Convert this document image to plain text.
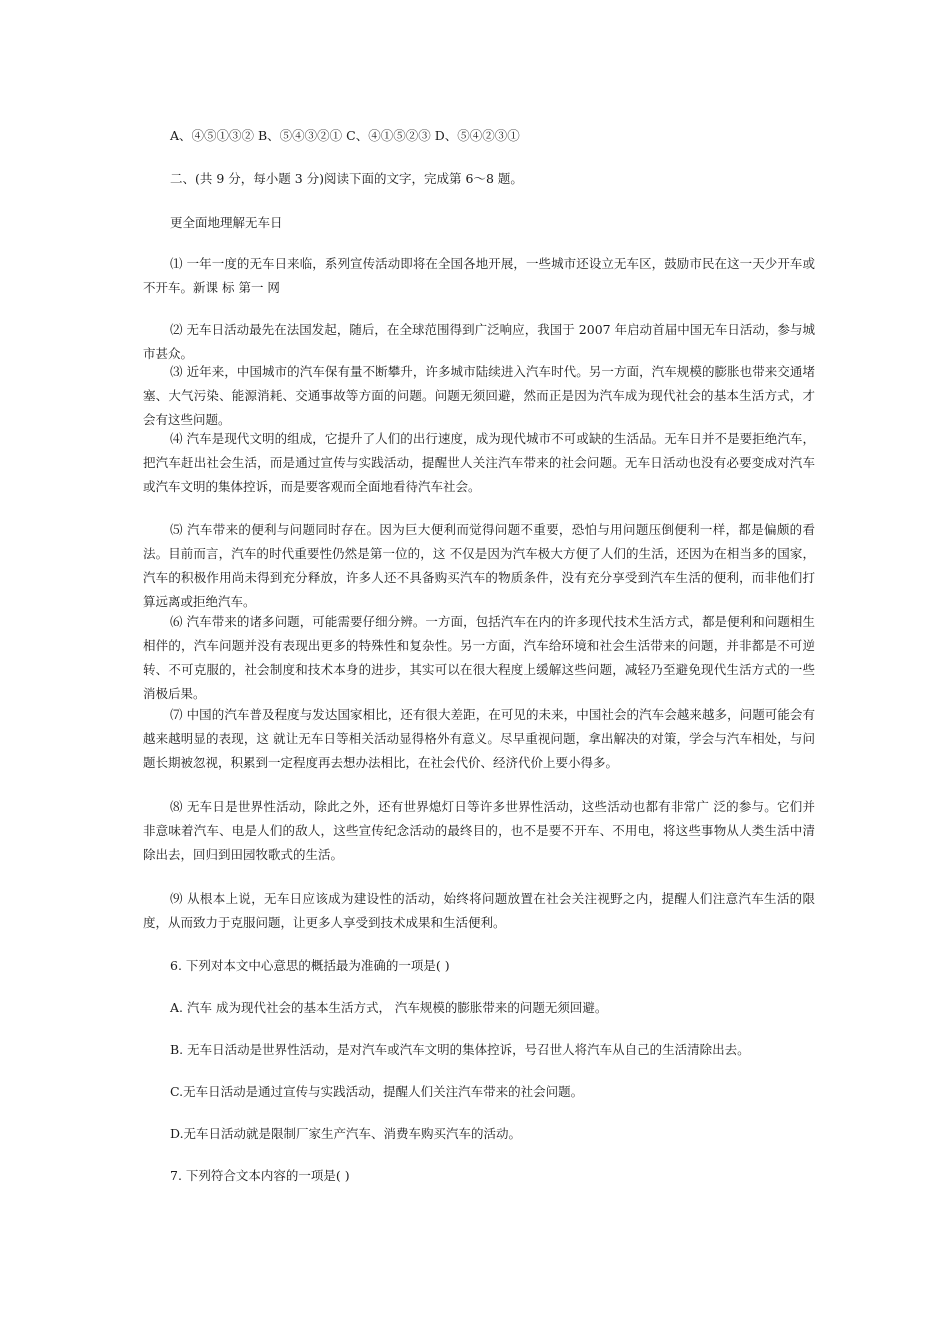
A、④⑤①③② B、⑤④③②① C、④①⑤②③ D、⑤④②③①
二、(共 9 分，每小题 3 分)阅读下面的文字，完成第 6～8 题。
更全面地理解无车日
⑴ 一年一度的无车日来临，系列宣传活动即将在全国各地开展，一些城市还设立无车区，鼓励市民在这一天少开车或不开车。新课 标 第一 网
⑵ 无车日活动最先在法国发起，随后，在全球范围得到广泛响应，我国于 2007 年启动首届中国无车日活动，参与城市甚众。
⑶ 近年来，中国城市的汽车保有量不断攀升，许多城市陆续进入汽车时代。另一方面，汽车规模的膨胀也带来交通堵塞、大气污染、能源消耗、交通事故等方面的问题。问题无须回避，然而正是因为汽车成为现代社会的基本生活方式，才会有这些问题。
⑷ 汽车是现代文明的组成，它提升了人们的出行速度，成为现代城市不可或缺的生活品。无车日并不是要拒绝汽车，把汽车赶出社会生活，而是通过宣传与实践活动，提醒世人关注汽车带来的社会问题。无车日活动也没有必要变成对汽车或汽车文明的集体控诉，而是要客观而全面地看待汽车社会。
⑸ 汽车带来的便利与问题同时存在。因为巨大便利而觉得问题不重要，恐怕与用问题压倒便利一样，都是偏颇的看法。目前而言，汽车的时代重要性仍然是第一位的，这 不仅是因为汽车极大方便了人们的生活，还因为在相当多的国家，汽车的积极作用尚未得到充分释放，许多人还不具备购买汽车的物质条件，没有充分享受到汽车生活的便利，而非他们打算远离或拒绝汽车。
⑹ 汽车带来的诸多问题，可能需要仔细分辨。一方面，包括汽车在内的许多现代技术生活方式，都是便利和问题相生相伴的，汽车问题并没有表现出更多的特殊性和复杂性。另一方面，汽车给环境和社会生活带来的问题，并非都是不可逆转、不可克服的，社会制度和技术本身的进步，其实可以在很大程度上缓解这些问题，减轻乃至避免现代生活方式的一些消极后果。
⑺ 中国的汽车普及程度与发达国家相比，还有很大差距，在可见的未来，中国社会的汽车会越来越多，问题可能会有越来越明显的表现，这 就让无车日等相关活动显得格外有意义。尽早重视问题，拿出解决的对策，学会与汽车相处，与问题长期被忽视，积累到一定程度再去想办法相比，在社会代价、经济代价上要小得多。
⑻ 无车日是世界性活动，除此之外，还有世界熄灯日等许多世界性活动，这些活动也都有非常广 泛的参与。它们并非意味着汽车、电是人们的敌人，这些宣传纪念活动的最终目的，也不是要不开车、不用电，将这些事物从人类生活中清除出去，回归到田园牧歌式的生活。
⑼ 从根本上说，无车日应该成为建设性的活动，始终将问题放置在社会关注视野之内，提醒人们注意汽车生活的限度，从而致力于克服问题，让更多人享受到技术成果和生活便利。
6. 下列对本文中心意思的概括最为准确的一项是( )
A. 汽车 成为现代社会的基本生活方式， 汽车规模的膨胀带来的问题无须回避。
B. 无车日活动是世界性活动，是对汽车或汽车文明的集体控诉，号召世人将汽车从自己的生活清除出去。
C.无车日活动是通过宣传与实践活动，提醒人们关注汽车带来的社会问题。
D.无车日活动就是限制厂家生产汽车、消费车购买汽车的活动。
7. 下列符合文本内容的一项是( )
